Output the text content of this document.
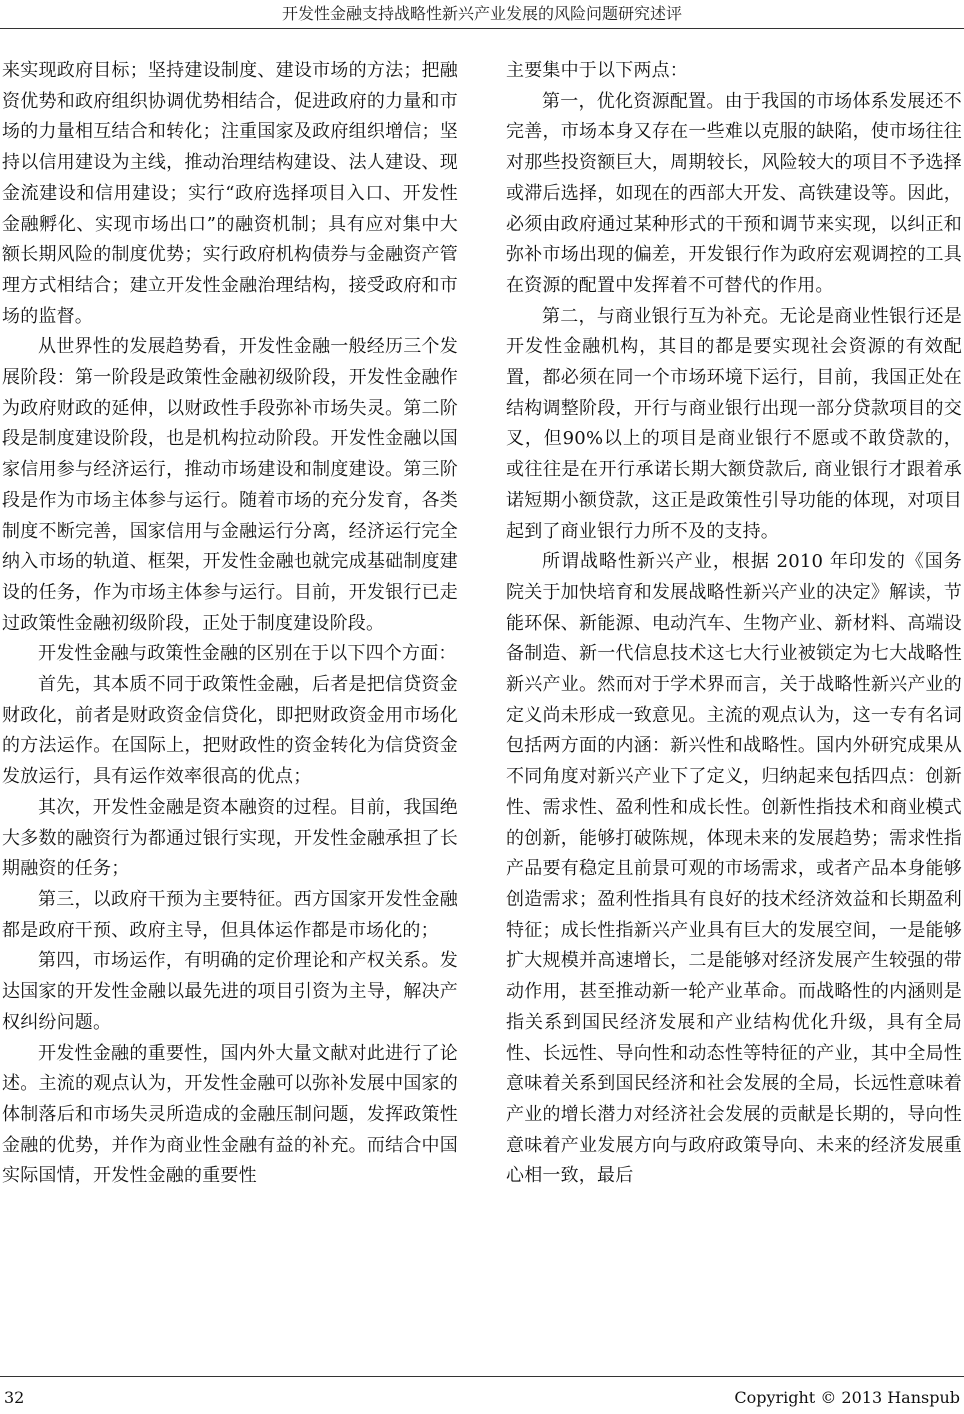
开发性金融支持战略性新兴产业发展的风险问题研究述评

来实现政府目标；坚持建设制度、建设市场的方法；把融资优势和政府组织协调优势相结合，促进政府的力量和市场的力量相互结合和转化；注重国家及政府组织增信；坚持以信用建设为主线，推动治理结构建设、法人建设、现金流建设和信用建设；实行“政府选择项目入口、开发性金融孵化、实现市场出口”的融资机制；具有应对集中大额长期风险的制度优势；实行政府机构债券与金融资产管理方式相结合；建立开发性金融治理结构，接受政府和市场的监督。

从世界性的发展趋势看，开发性金融一般经历三个发展阶段：第一阶段是政策性金融初级阶段，开发性金融作为政府财政的延伸，以财政性手段弥补市场失灵。第二阶段是制度建设阶段，也是机构拉动阶段。开发性金融以国家信用参与经济运行，推动市场建设和制度建设。第三阶段是作为市场主体参与运行。随着市场的充分发育，各类制度不断完善，国家信用与金融运行分离，经济运行完全纳入市场的轨道、框架，开发性金融也就完成基础制度建设的任务，作为市场主体参与运行。目前，开发银行已走过政策性金融初级阶段，正处于制度建设阶段。

开发性金融与政策性金融的区别在于以下四个方面：

首先，其本质不同于政策性金融，后者是把信贷资金财政化，前者是财政资金信贷化，即把财政资金用市场化的方法运作。在国际上，把财政性的资金转化为信贷资金发放运行，具有运作效率很高的优点；

其次，开发性金融是资本融资的过程。目前，我国绝大多数的融资行为都通过银行实现，开发性金融承担了长期融资的任务；

第三，以政府干预为主要特征。西方国家开发性金融都是政府干预、政府主导，但具体运作都是市场化的；

第四，市场运作，有明确的定价理论和产权关系。发达国家的开发性金融以最先进的项目引资为主导，解决产权纠纷问题。

开发性金融的重要性，国内外大量文献对此进行了论述。主流的观点认为，开发性金融可以弥补发展中国家的体制落后和市场失灵所造成的金融压制问题，发挥政策性金融的优势，并作为商业性金融有益的补充。而结合中国实际国情，开发性金融的重要性

主要集中于以下两点：

第一，优化资源配置。由于我国的市场体系发展还不完善，市场本身又存在一些难以克服的缺陷，使市场往往对那些投资额巨大，周期较长，风险较大的项目不予选择或滞后选择，如现在的西部大开发、高铁建设等。因此，必须由政府通过某种形式的干预和调节来实现，以纠正和弥补市场出现的偏差，开发银行作为政府宏观调控的工具在资源的配置中发挥着不可替代的作用。

第二，与商业银行互为补充。无论是商业性银行还是开发性金融机构，其目的都是要实现社会资源的有效配置，都必须在同一个市场环境下运行，目前，我国正处在结构调整阶段，开行与商业银行出现一部分贷款项目的交叉，但90%以上的项目是商业银行不愿或不敢贷款的，或往往是在开行承诺长期大额贷款后, 商业银行才跟着承诺短期小额贷款，这正是政策性引导功能的体现，对项目起到了商业银行力所不及的支持。

所谓战略性新兴产业，根据 2010 年印发的《国务院关于加快培育和发展战略性新兴产业的决定》解读，节能环保、新能源、电动汽车、生物产业、新材料、高端设备制造、新一代信息技术这七大行业被锁定为七大战略性新兴产业。然而对于学术界而言，关于战略性新兴产业的定义尚未形成一致意见。主流的观点认为，这一专有名词包括两方面的内涵：新兴性和战略性。国内外研究成果从不同角度对新兴产业下了定义，归纳起来包括四点：创新性、需求性、盈利性和成长性。创新性指技术和商业模式的创新，能够打破陈规，体现未来的发展趋势；需求性指产品要有稳定且前景可观的市场需求，或者产品本身能够创造需求；盈利性指具有良好的技术经济效益和长期盈利特征；成长性指新兴产业具有巨大的发展空间，一是能够扩大规模并高速增长，二是能够对经济发展产生较强的带动作用，甚至推动新一轮产业革命。而战略性的内涵则是指关系到国民经济发展和产业结构优化升级，具有全局性、长远性、导向性和动态性等特征的产业，其中全局性意味着关系到国民经济和社会发展的全局，长远性意味着产业的增长潜力对经济社会发展的贡献是长期的，导向性意味着产业发展方向与政府政策导向、未来的经济发展重心相一致，最后

32	Copyright © 2013 Hanspub
